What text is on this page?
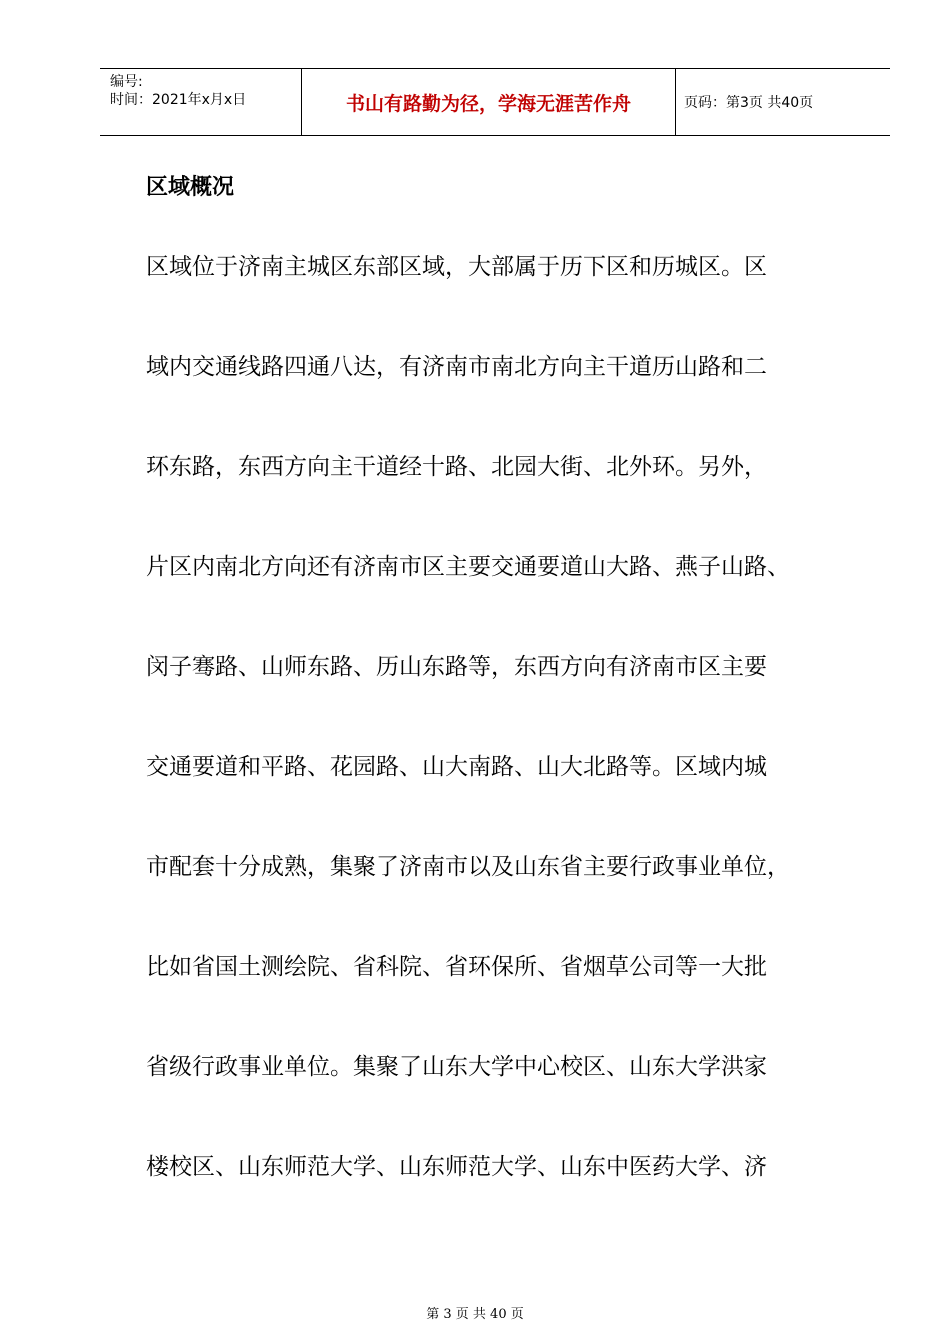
编号:
时间：2021年x月x日	书山有路勤为径，学海无涯苦作舟	页码：第3页 共40页
区域概况
区域位于济南主城区东部区域，大部属于历下区和历城区。区
域内交通线路四通八达，有济南市南北方向主干道历山路和二
环东路，东西方向主干道经十路、北园大街、北外环。另外，
片区内南北方向还有济南市区主要交通要道山大路、燕子山路、
闵子骞路、山师东路、历山东路等，东西方向有济南市区主要
交通要道和平路、花园路、山大南路、山大北路等。区域内城
市配套十分成熟，集聚了济南市以及山东省主要行政事业单位，
比如省国土测绘院、省科院、省环保所、省烟草公司等一大批
省级行政事业单位。集聚了山东大学中心校区、山东大学洪家
楼校区、山东师范大学、山东师范大学、山东中医药大学、济
第 3 页 共 40 页
